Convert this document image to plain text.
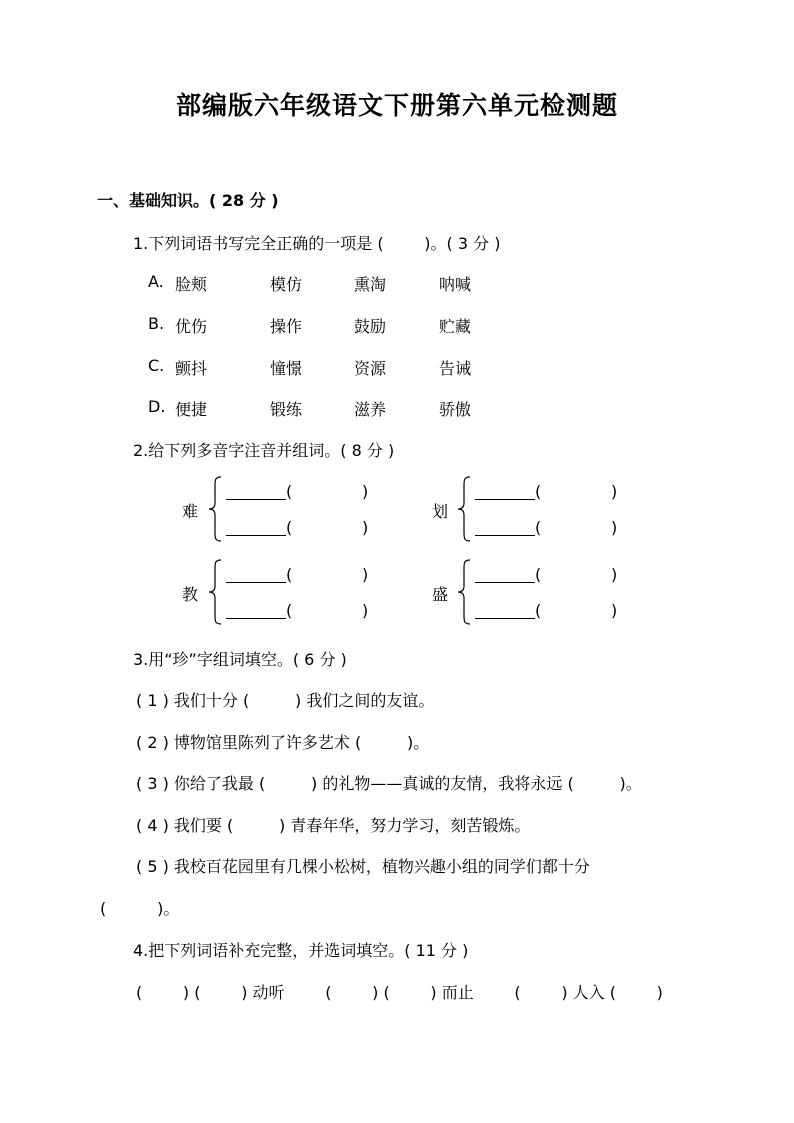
部编版六年级语文下册第六单元检测题
一、基础知识。( 28 分 )
1.下列词语书写完全正确的一项是 (        )。( 3 分 )
A. 脸颊	模仿	熏淘	呐喊
B. 优伤	操作	鼓励	贮藏
C. 颤抖	憧憬	资源	告诫
D. 便捷	锻练	滋养	骄傲
2.给下列多音字注音并组词。( 8 分 )
难
(	)
(	)
划
(	)
(	)
教
(	)
(	)
盛
(	)
(	)
3.用“珍”字组词填空。( 6 分 )
( 1 ) 我们十分 (         ) 我们之间的友谊。
( 2 ) 博物馆里陈列了许多艺术 (         )。
( 3 ) 你给了我最 (         ) 的礼物——真诚的友情，我将永远 (         )。
( 4 ) 我们要 (         ) 青春年华，努力学习，刻苦锻炼。
( 5 ) 我校百花园里有几棵小松树，植物兴趣小组的同学们都十分
(          )。
4.把下列词语补充完整，并选词填空。( 11 分 )
(        ) (        ) 动听        (        ) (        ) 而止        (        ) 人入 (        )
